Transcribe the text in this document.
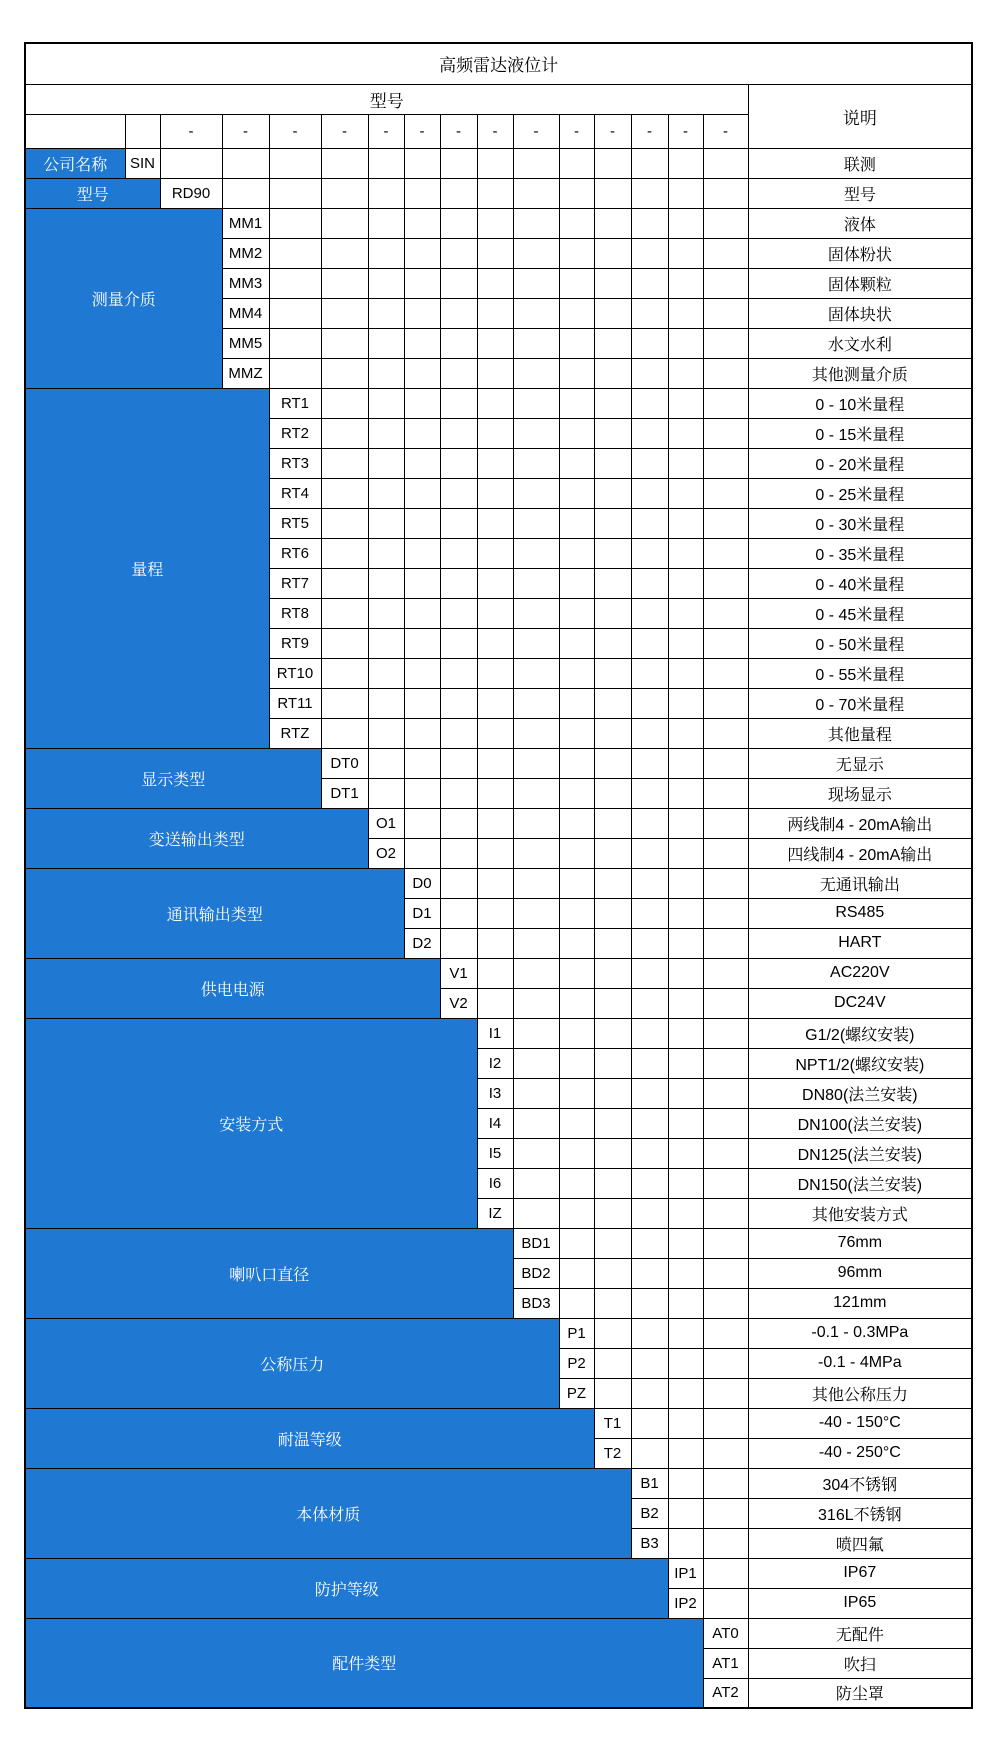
高频雷达液位计																
型号																说明
		-	-	-	-	-	-	-	-	-	-	-	-	-	-	
公司名称	SIN															联测
型号		RD90														型号
测量介质			MM1													液体
			MM2													固体粉状
			MM3													固体颗粒
			MM4													固体块状
			MM5													水文水利
			MMZ													其他测量介质
量程				RT1												0 - 10米量程
				RT2												0 - 15米量程
				RT3												0 - 20米量程
				RT4												0 - 25米量程
				RT5												0 - 30米量程
				RT6												0 - 35米量程
				RT7												0 - 40米量程
				RT8												0 - 45米量程
				RT9												0 - 50米量程
				RT10												0 - 55米量程
				RT11												0 - 70米量程
				RTZ												其他量程
显示类型					DT0											无显示
					DT1											现场显示
变送输出类型						O1										两线制4 - 20mA输出
						O2										四线制4 - 20mA输出
通讯输出类型							D0									无通讯输出
							D1									RS485
							D2									HART
供电电源								V1								AC220V
								V2								DC24V
安装方式									I1							G1/2(螺纹安装)
									I2							NPT1/2(螺纹安装)
									I3							DN80(法兰安装)
									I4							DN100(法兰安装)
									I5							DN125(法兰安装)
									I6							DN150(法兰安装)
									IZ							其他安装方式
喇叭口直径										BD1						76mm
										BD2						96mm
										BD3						121mm
公称压力											P1					-0.1 - 0.3MPa
											P2					-0.1 - 4MPa
											PZ					其他公称压力
耐温等级												T1				-40 - 150°C
												T2				-40 - 250°C
本体材质													B1			304不锈钢
													B2			316L不锈钢
													B3			喷四氟
防护等级														IP1		IP67
														IP2		IP65
配件类型															AT0	无配件
															AT1	吹扫
															AT2	防尘罩
